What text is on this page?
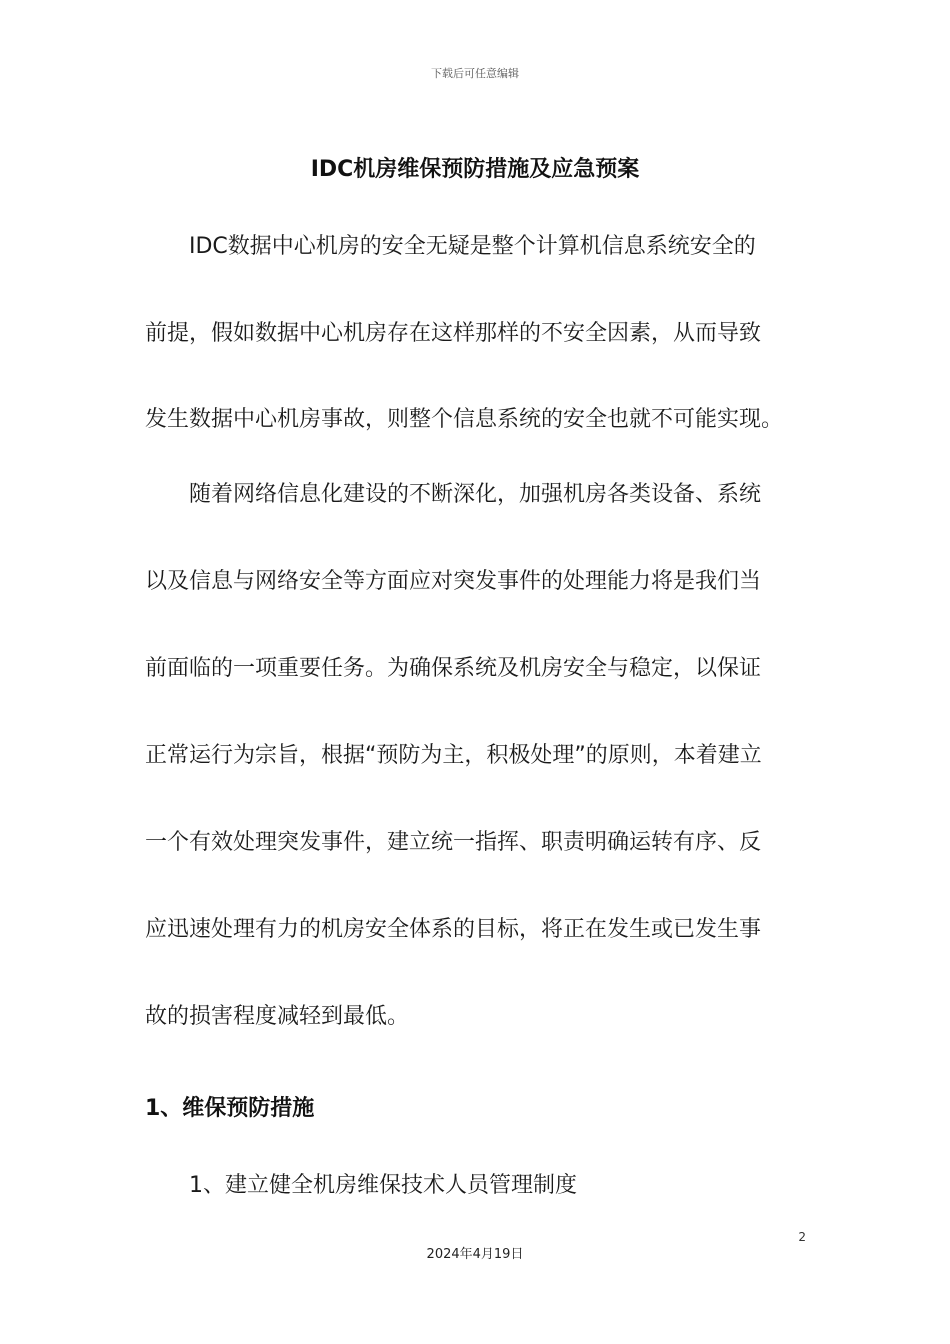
下载后可任意编辑
IDC机房维保预防措施及应急预案
IDC数据中心机房的安全无疑是整个计算机信息系统安全的
前提，假如数据中心机房存在这样那样的不安全因素，从而导致
发生数据中心机房事故，则整个信息系统的安全也就不可能实现。
随着网络信息化建设的不断深化，加强机房各类设备、系统
以及信息与网络安全等方面应对突发事件的处理能力将是我们当
前面临的一项重要任务。为确保系统及机房安全与稳定，以保证
正常运行为宗旨，根据“预防为主，积极处理”的原则，本着建立
一个有效处理突发事件，建立统一指挥、职责明确运转有序、反
应迅速处理有力的机房安全体系的目标，将正在发生或已发生事
故的损害程度减轻到最低。
1、维保预防措施
1、建立健全机房维保技术人员管理制度
2
2024年4月19日
